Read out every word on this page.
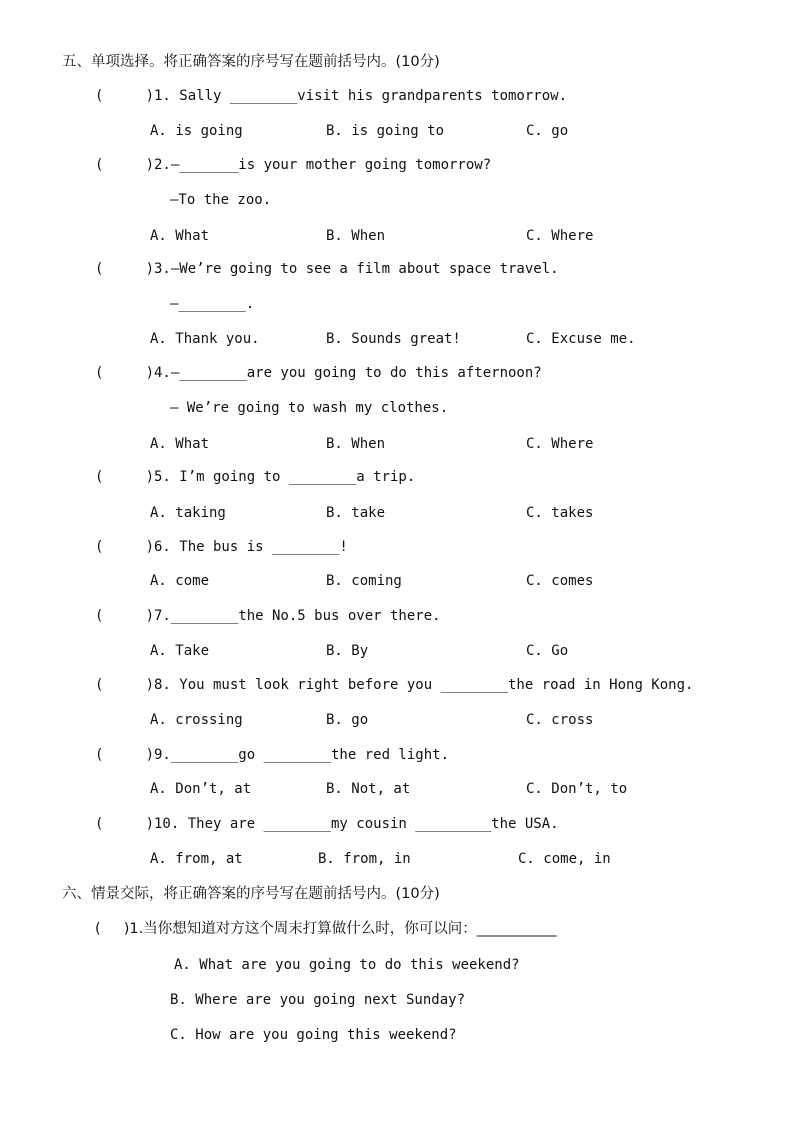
五、单项选择。将正确答案的序号写在题前括号内。(10分)
(     )1. Sally ________visit his grandparents tomorrow.
A. is going	B. is going to	C. go
(     )2.—_______is your mother going tomorrow?
—To the zoo.
A. What	B. When	C. Where
(     )3.—We’re going to see a film about space travel.
—________.
A. Thank you.	B. Sounds great!	C. Excuse me.
(     )4.—________are you going to do this afternoon?
— We’re going to wash my clothes.
A. What	B. When	C. Where
(     )5. I’m going to ________a trip.
A. taking	B. take	C. takes
(     )6. The bus is ________!
A. come	B. coming	C. comes
(     )7.________the No.5 bus over there.
A. Take	B. By	C. Go
(     )8. You must look right before you ________the road in Hong Kong.
A. crossing	B. go	C. cross
(     )9.________go ________the red light.
A. Don’t, at	B. Not, at	C. Don’t, to
(     )10. They are ________my cousin _________the USA.
A. from, at	B. from, in	C. come, in
六、情景交际，将正确答案的序号写在题前括号内。(10分)
(     )1.当你想知道对方这个周末打算做什么时，你可以问：___________
A. What are you going to do this weekend?
B. Where are you going next Sunday?
C. How are you going this weekend?
